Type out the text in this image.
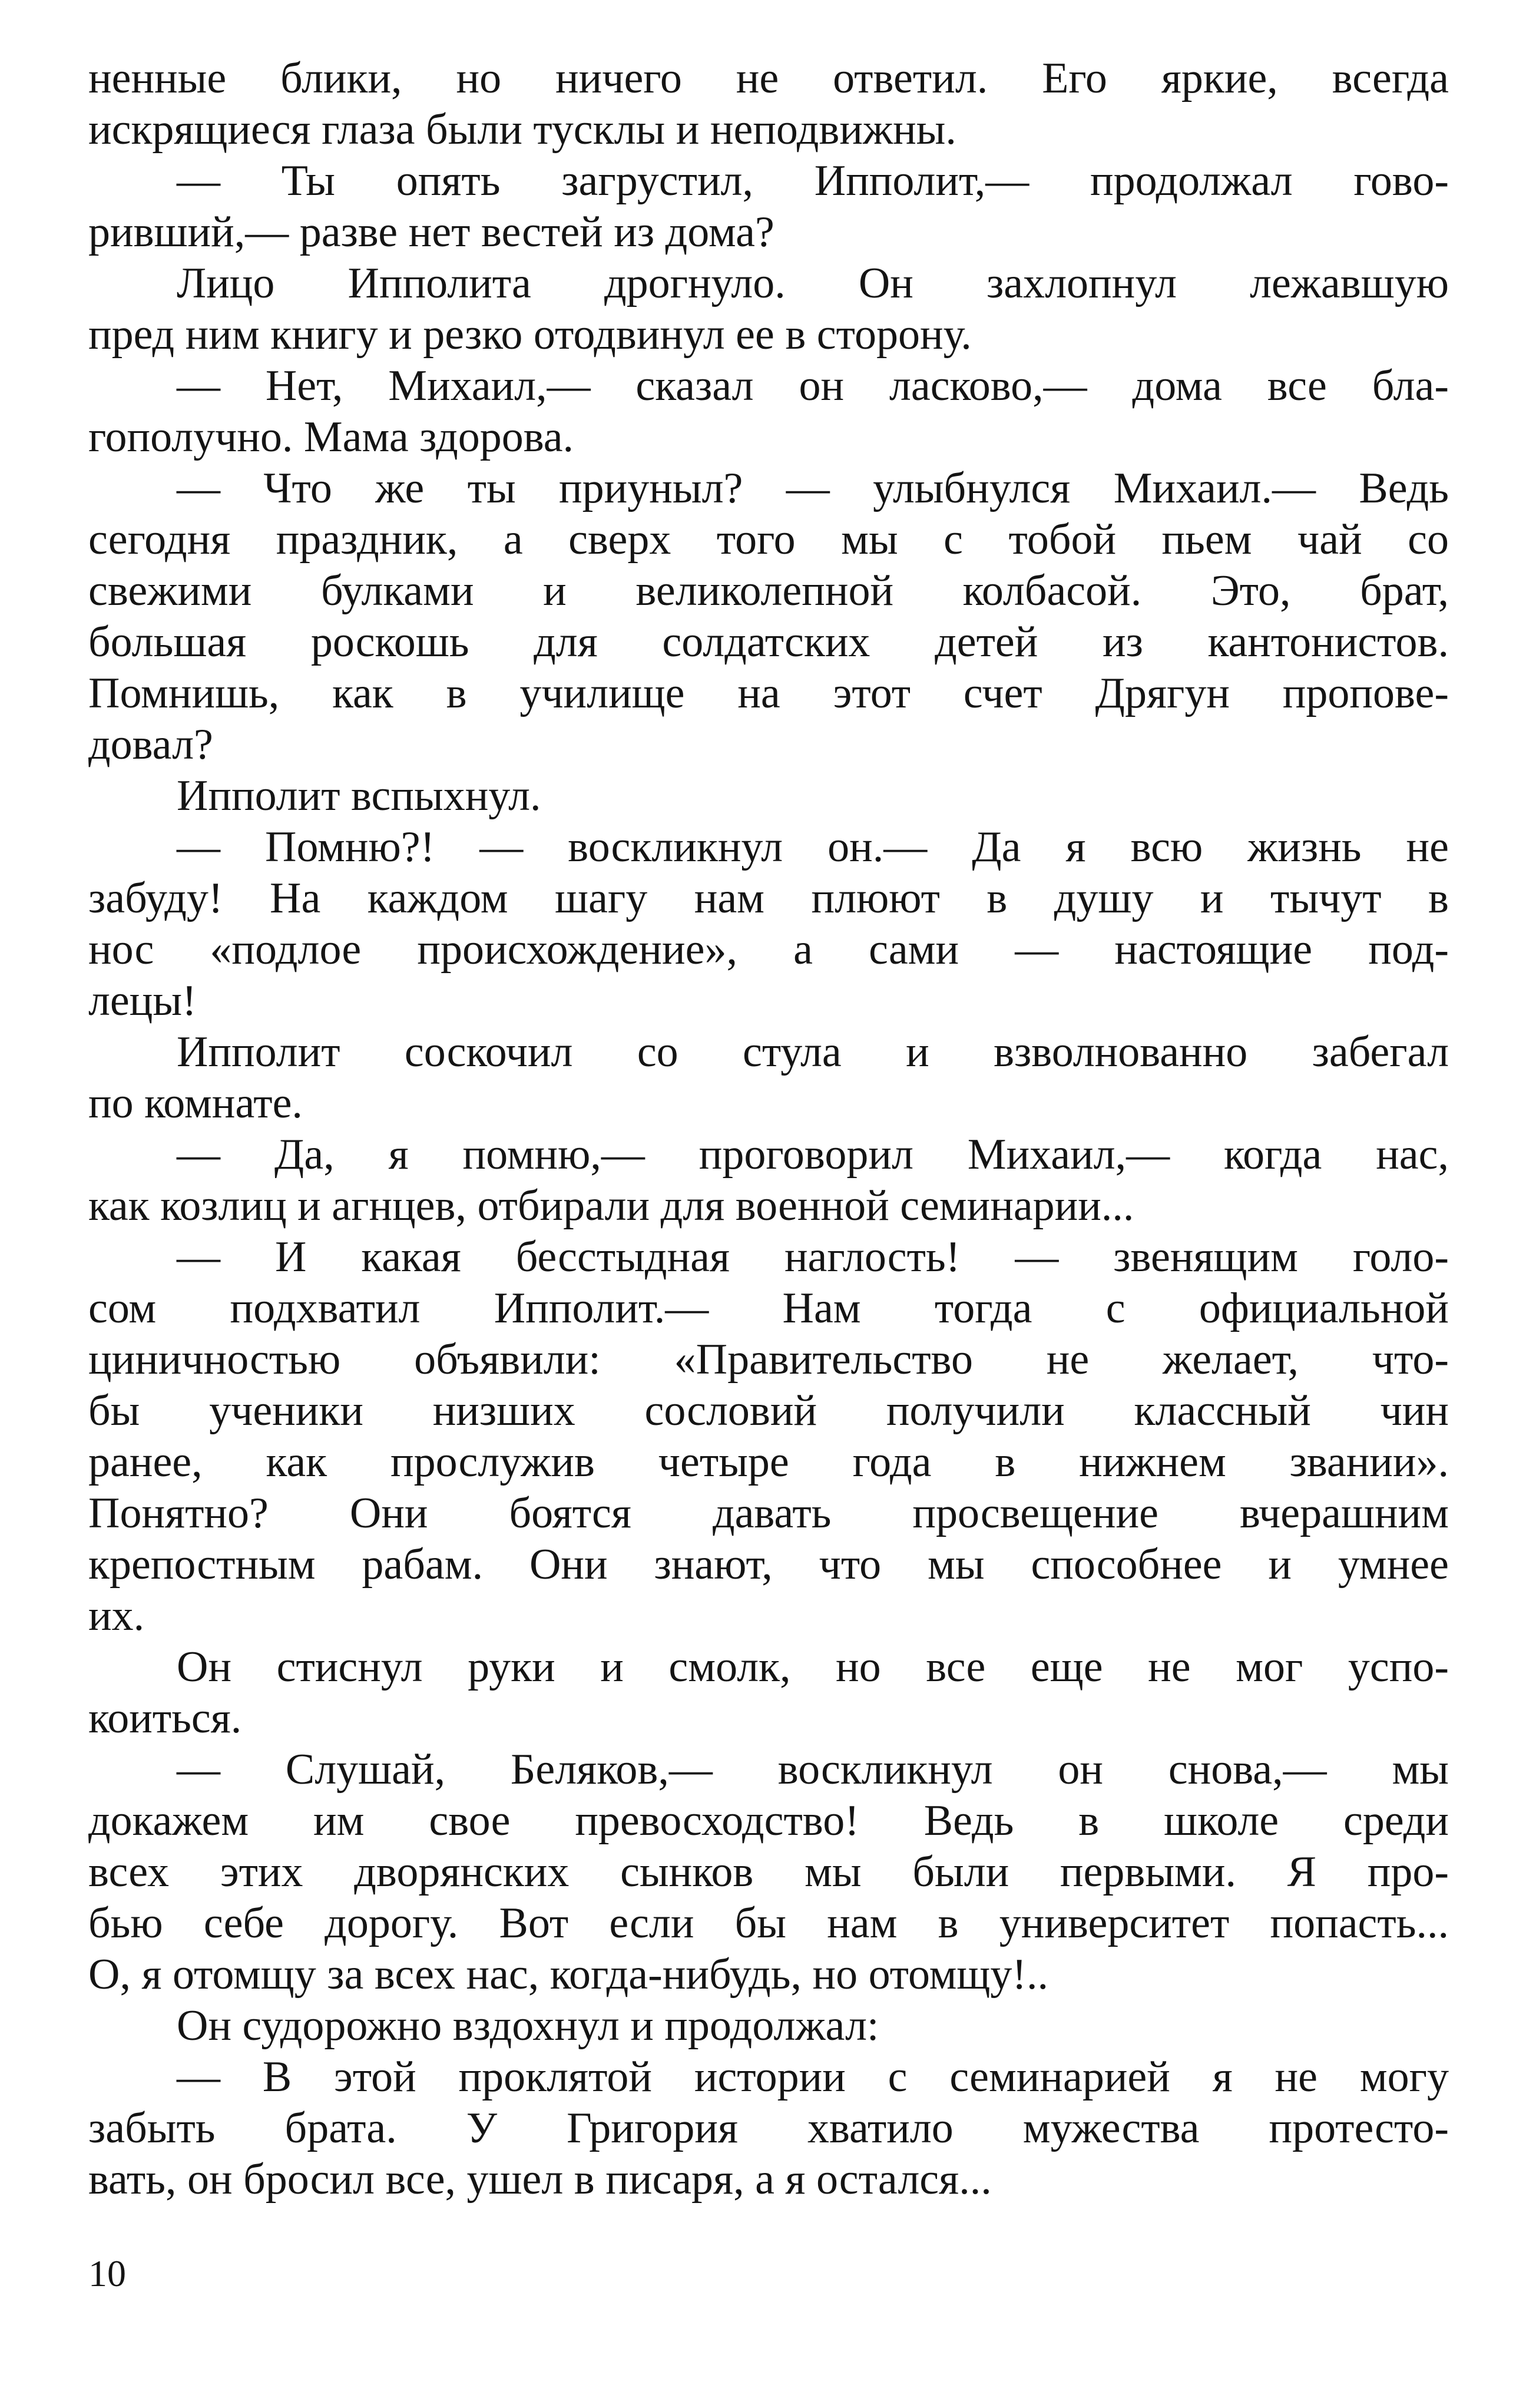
ненные блики, но ничего не ответил. Его яркие, всегда
искрящиеся глаза были тусклы и неподвижны.
— Ты опять загрустил, Ипполит,— продолжал гово-
ривший,— разве нет вестей из дома?
Лицо Ипполита дрогнуло. Он захлопнул лежавшую
пред ним книгу и резко отодвинул ее в сторону.
— Нет, Михаил,— сказал он ласково,— дома все бла-
гополучно. Мама здорова.
— Что же ты приуныл? — улыбнулся Михаил.— Ведь
сегодня праздник, а сверх того мы с тобой пьем чай со
свежими булками и великолепной колбасой. Это, брат,
большая роскошь для солдатских детей из кантонистов.
Помнишь, как в училище на этот счет Дрягун пропове-
довал?
Ипполит вспыхнул.
— Помню?! — воскликнул он.— Да я всю жизнь не
забуду! На каждом шагу нам плюют в душу и тычут в
нос «подлое происхождение», а сами — настоящие под-
лецы!
Ипполит соскочил со стула и взволнованно забегал
по комнате.
— Да, я помню,— проговорил Михаил,— когда нас,
как козлиц и агнцев, отбирали для военной семинарии...
— И какая бесстыдная наглость! — звенящим голо-
сом подхватил Ипполит.— Нам тогда с официальной
циничностью объявили: «Правительство не желает, что-
бы ученики низших сословий получили классный чин
ранее, как прослужив четыре года в нижнем звании».
Понятно? Они боятся давать просвещение вчерашним
крепостным рабам. Они знают, что мы способнее и умнее
их.
Он стиснул руки и смолк, но все еще не мог успо-
коиться.
— Слушай, Беляков,— воскликнул он снова,— мы
докажем им свое превосходство! Ведь в школе среди
всех этих дворянских сынков мы были первыми. Я про-
бью себе дорогу. Вот если бы нам в университет попасть...
О, я отомщу за всех нас, когда-нибудь, но отомщу!..
Он судорожно вздохнул и продолжал:
— В этой проклятой истории с семинарией я не могу
забыть брата. У Григория хватило мужества протесто-
вать, он бросил все, ушел в писаря, а я остался...
10
